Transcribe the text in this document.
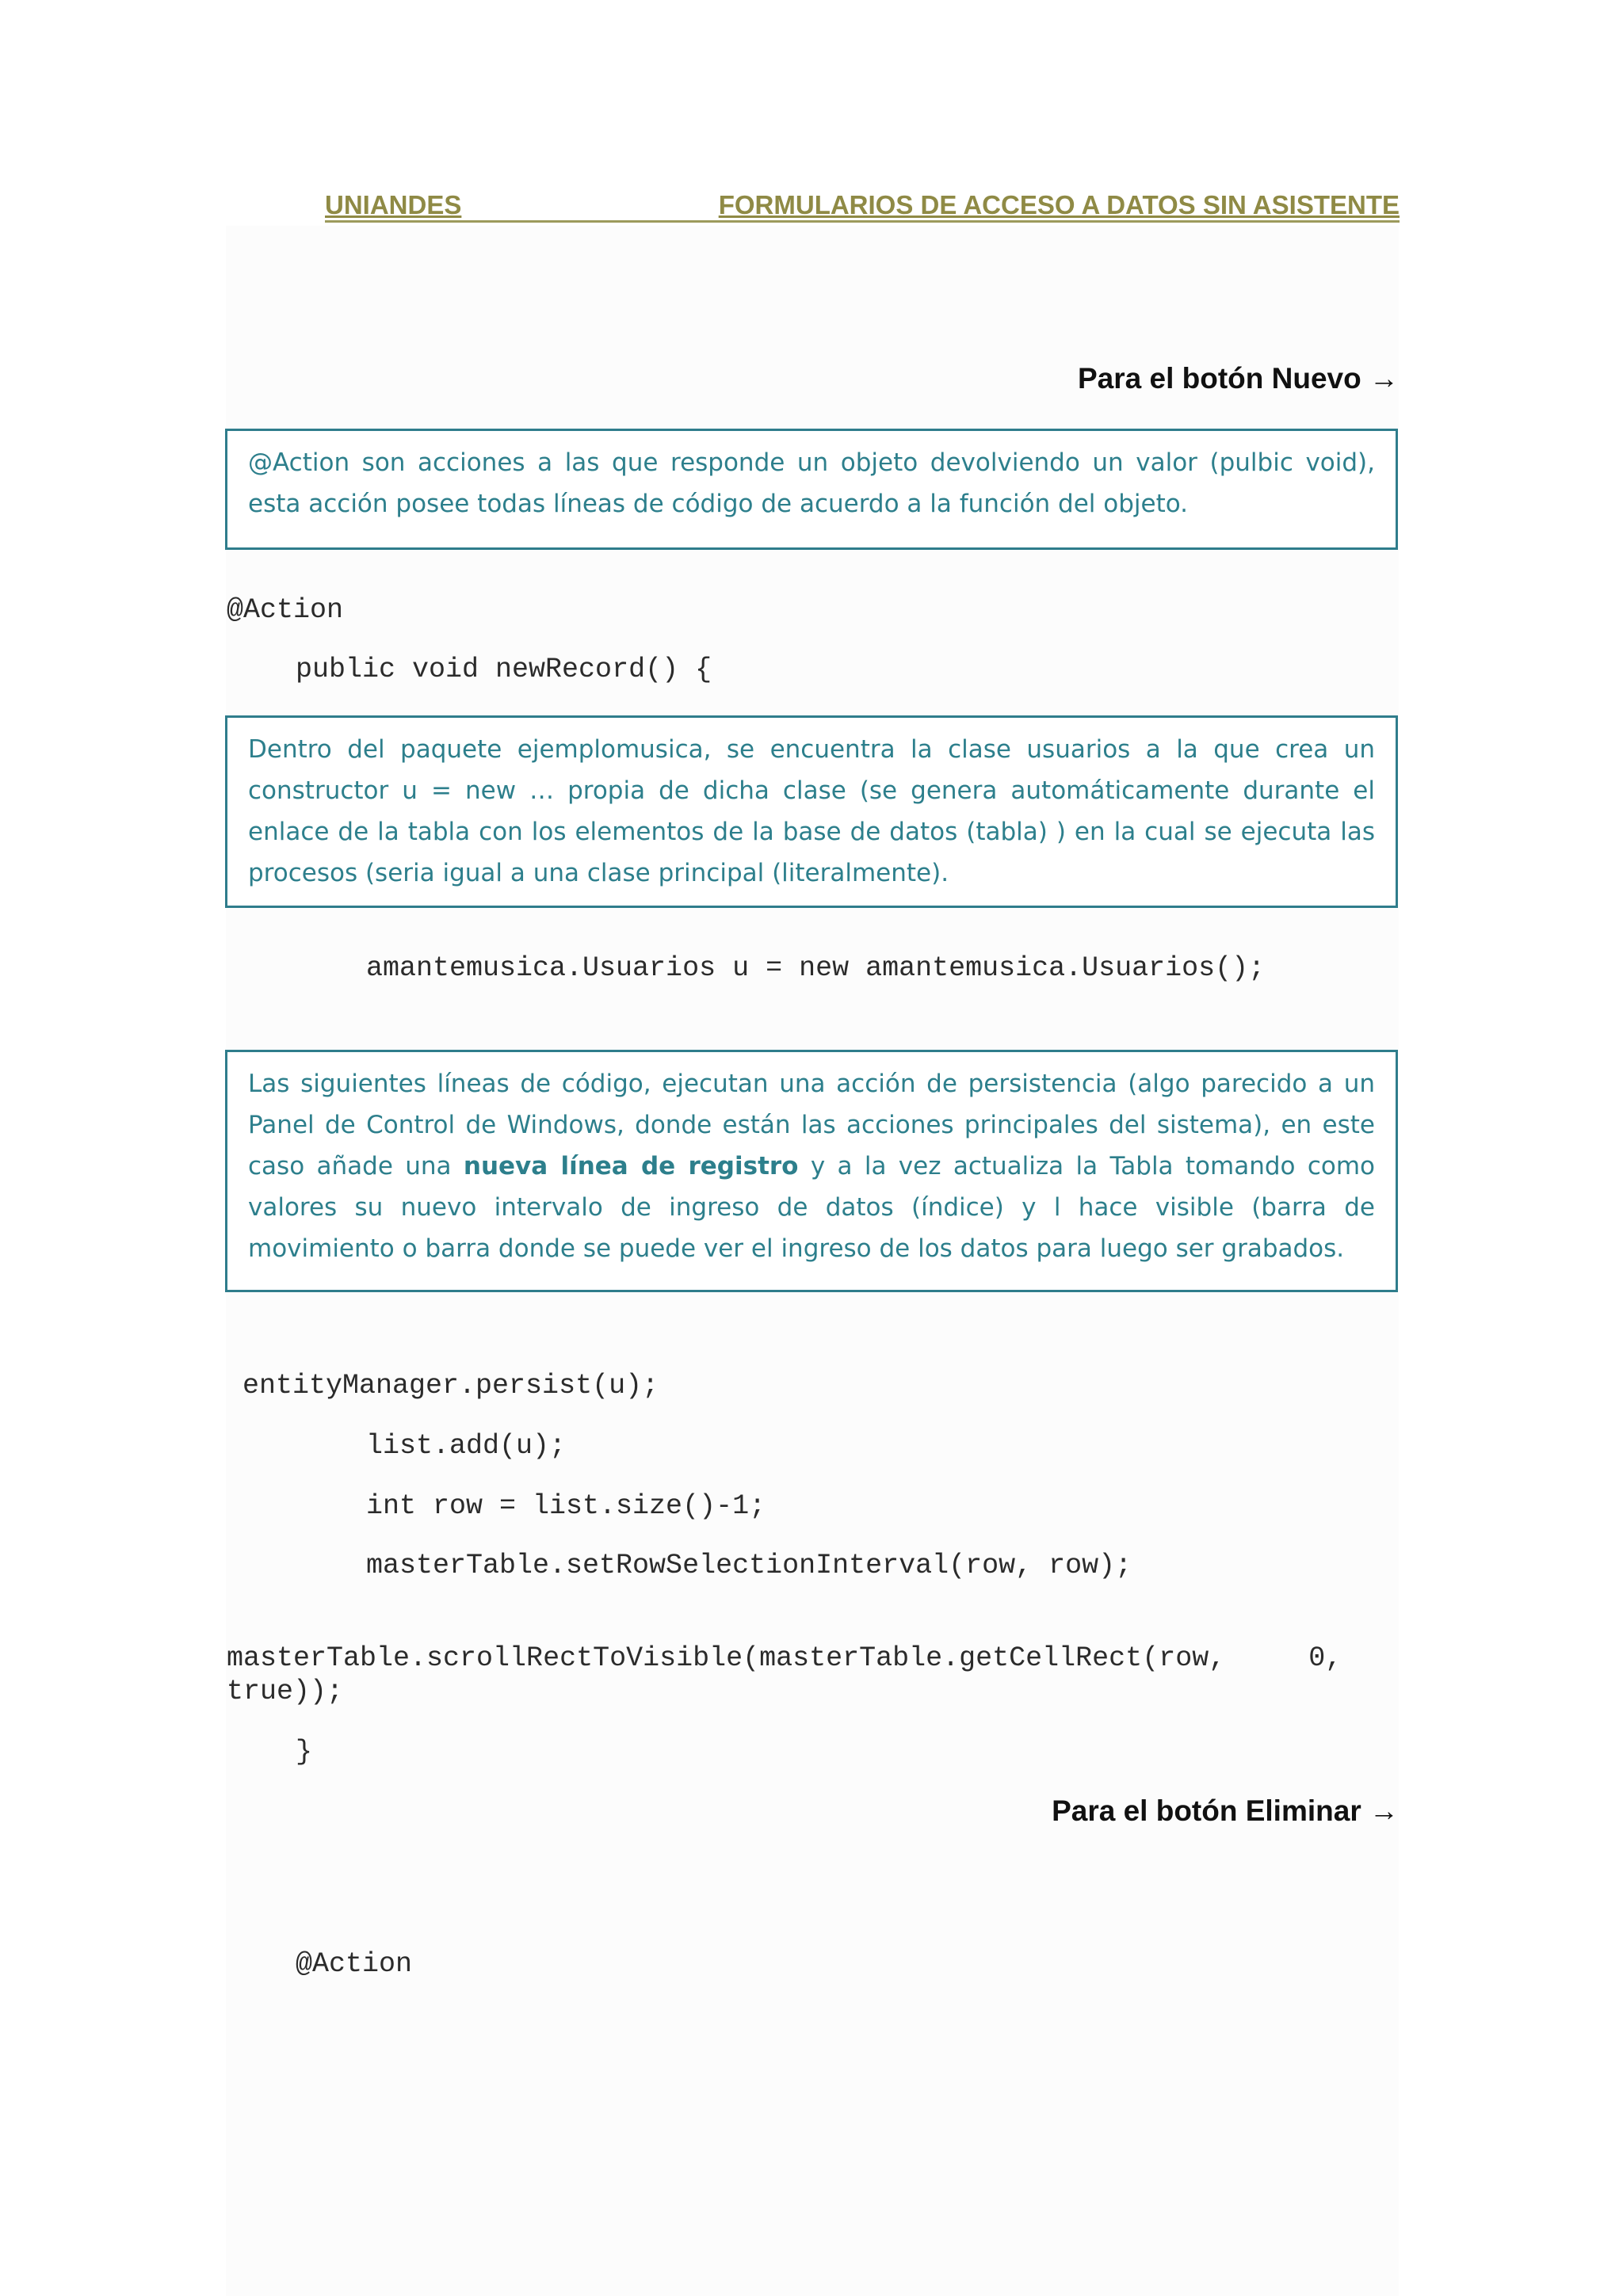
UNIANDES	FORMULARIOS DE ACCESO A DATOS SIN ASISTENTE
Para el botón Nuevo →

@Action son acciones a las que responde un objeto devolviendo un valor (pulbic void), esta acción posee todas líneas de código de acuerdo a la función del objeto.

@Action
public void newRecord() {

Dentro del paquete ejemplomusica, se encuentra la clase usuarios a la que crea un constructor u = new … propia de dicha clase (se genera automáticamente durante el enlace de la tabla con los elementos de la base de datos (tabla) ) en la cual se ejecuta las procesos (seria igual a una clase principal (literalmente).

amantemusica.Usuarios u = new amantemusica.Usuarios();

Las siguientes líneas de código, ejecutan una acción de persistencia (algo parecido a un Panel de Control de Windows, donde están las acciones principales del sistema), en este caso añade una nueva línea de registro y a la vez actualiza la Tabla tomando como valores su nuevo intervalo de ingreso de datos (índice) y l hace visible (barra de movimiento o barra donde se puede ver el ingreso de los datos para luego ser grabados.

entityManager.persist(u);
list.add(u);
int row = list.size()-1;
masterTable.setRowSelectionInterval(row, row);
masterTable.scrollRectToVisible(masterTable.getCellRect(row,     0,
true));
}
Para el botón Eliminar →
@Action
